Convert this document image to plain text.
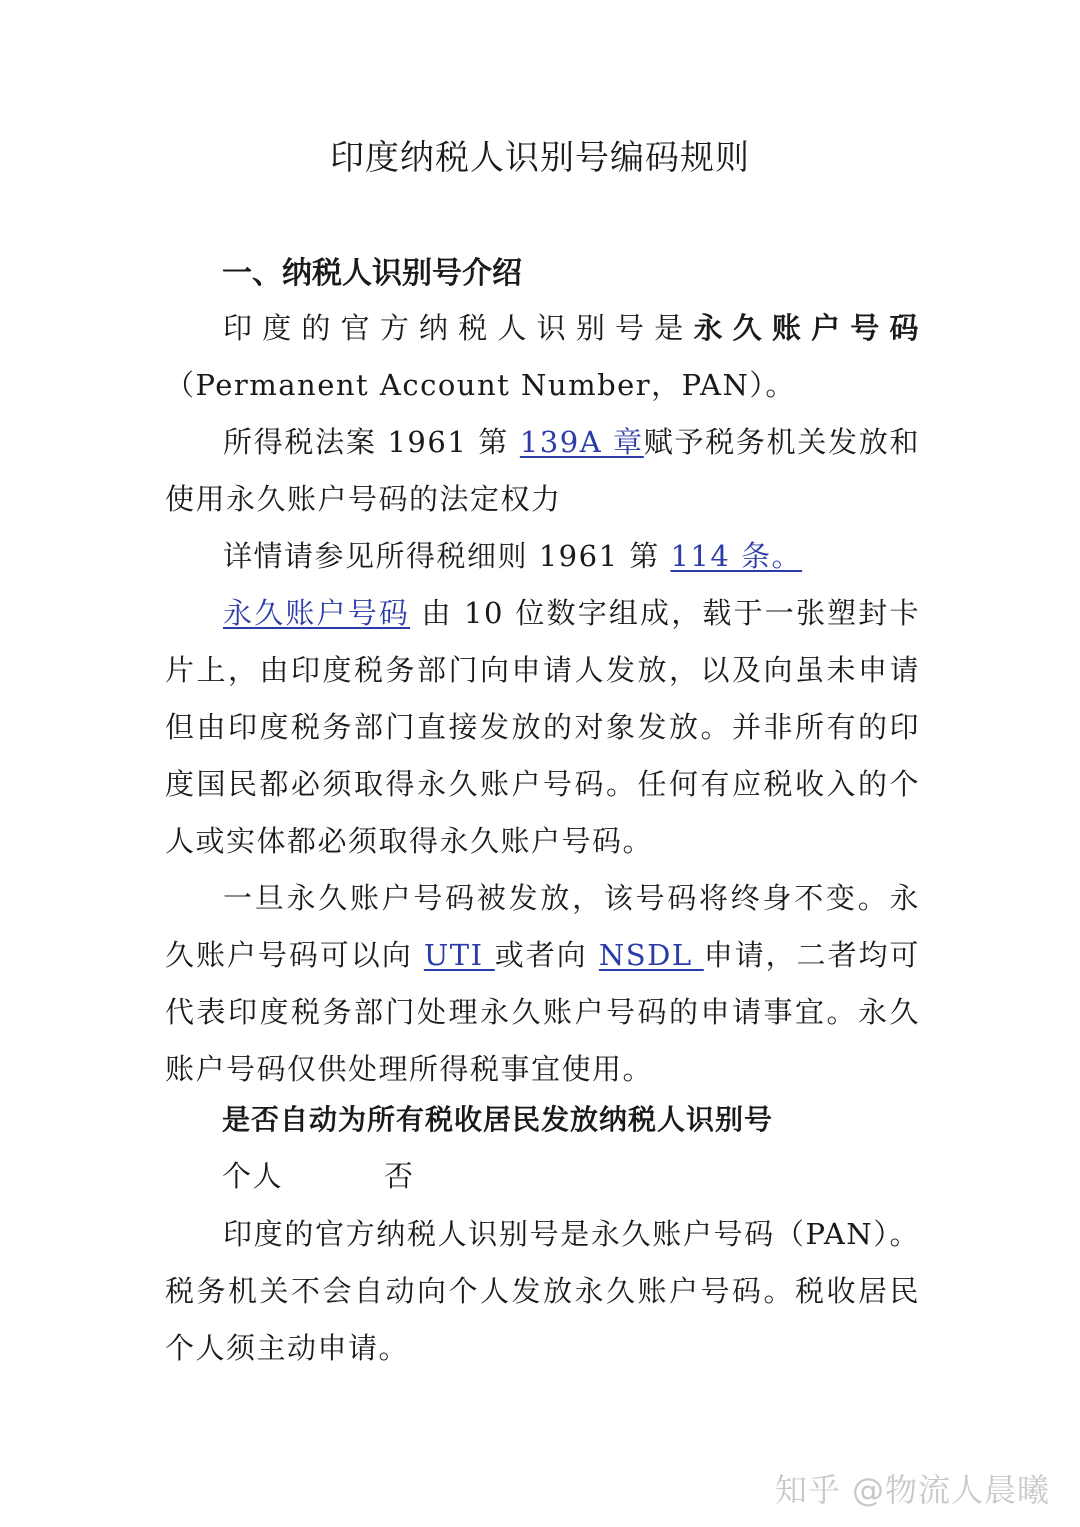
印度纳税人识别号编码规则
一、纳税人识别号介绍

印度的官方纳税人识别号是永久账户号码（Permanent Account Number，PAN）。

所得税法案 1961 第 139A 章赋予税务机关发放和使用永久账户号码的法定权力

详情请参见所得税细则 1961 第 114 条。

永久账户号码 由 10 位数字组成，载于一张塑封卡片上，由印度税务部门向申请人发放，以及向虽未申请但由印度税务部门直接发放的对象发放。并非所有的印度国民都必须取得永久账户号码。任何有应税收入的个人或实体都必须取得永久账户号码。

一旦永久账户号码被发放，该号码将终身不变。永久账户号码可以向 UTI 或者向 NSDL 申请，二者均可代表印度税务部门处理永久账户号码的申请事宜。永久账户号码仅供处理所得税事宜使用。

是否自动为所有税收居民发放纳税人识别号
个人	否

印度的官方纳税人识别号是永久账户号码（PAN）。税务机关不会自动向个人发放永久账户号码。税收居民个人须主动申请。

知乎 @物流人晨曦
